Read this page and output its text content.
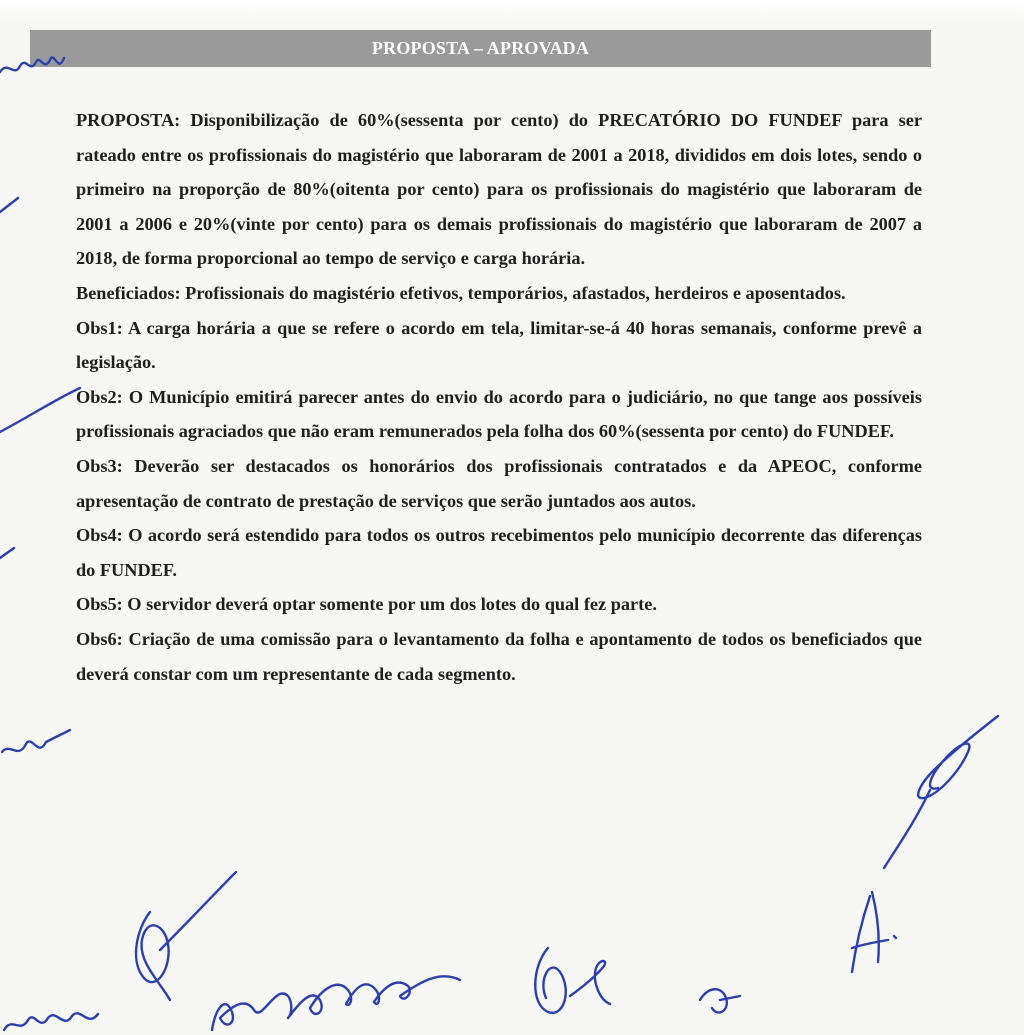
PROPOSTA – APROVADA

PROPOSTA: Disponibilização de 60%(sessenta por cento) do PRECATÓRIO DO FUNDEF para ser rateado entre os profissionais do magistério que laboraram de 2001 a 2018, divididos em dois lotes, sendo o primeiro na proporção de 80%(oitenta por cento) para os profissionais do magistério que laboraram de 2001 a 2006 e 20%(vinte por cento) para os demais profissionais do magistério que laboraram de 2007 a 2018, de forma proporcional ao tempo de serviço e carga horária.

Beneficiados: Profissionais do magistério efetivos, temporários, afastados, herdeiros e aposentados.

Obs1: A carga horária a que se refere o acordo em tela, limitar-se-á 40 horas semanais, conforme prevê a legislação.

Obs2: O Município emitirá parecer antes do envio do acordo para o judiciário, no que tange aos possíveis profissionais agraciados que não eram remunerados pela folha dos 60%(sessenta por cento) do FUNDEF.

Obs3: Deverão ser destacados os honorários dos profissionais contratados e da APEOC, conforme apresentação de contrato de prestação de serviços que serão juntados aos autos.

Obs4: O acordo será estendido para todos os outros recebimentos pelo município decorrente das diferenças do FUNDEF.

Obs5: O servidor deverá optar somente por um dos lotes do qual fez parte.

Obs6: Criação de uma comissão para o levantamento da folha e apontamento de todos os beneficiados que deverá constar com um representante de cada segmento.
